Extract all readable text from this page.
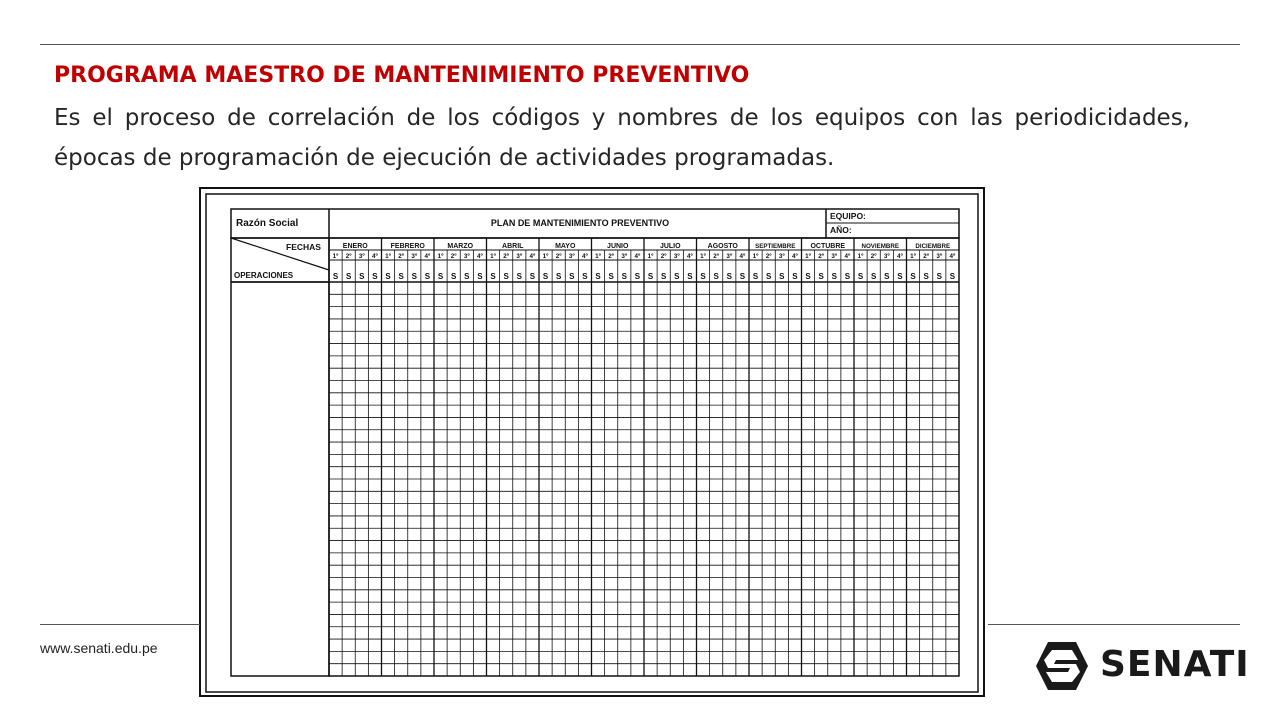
PROGRAMA MAESTRO DE MANTENIMIENTO PREVENTIVO

Es el proceso de correlación de los códigos y nombres de los equipos con las periodicidades, épocas de programación de ejecución de actividades programadas.

Razón Social	PLAN DE MANTENIMIENTO PREVENTIVO
EQUIPO:
AÑO:
FECHAS
OPERACIONES
ENERO
1º
S
2º
S
3º
S
4º
S
FEBRERO
1º
S
2º
S
3º
S
4º
S
MARZO
1º
S
2º
S
3º
S
4º
S
ABRIL
1º
S
2º
S
3º
S
4º
S
MAYO
1º
S
2º
S
3º
S
4º
S
JUNIO
1º
S
2º
S
3º
S
4º
S
JULIO
1º
S
2º
S
3º
S
4º
S
AGOSTO
1º
S
2º
S
3º
S
4º
S
SEPTIEMBRE
1º
S
2º
S
3º
S
4º
S
OCTUBRE
1º
S
2º
S
3º
S
4º
S
NOVIEMBRE
1º
S
2º
S
3º
S
4º
S
DICIEMBRE
1º
S
2º
S
3º
S
4º
S
www.senati.edu.pe	SENATI
